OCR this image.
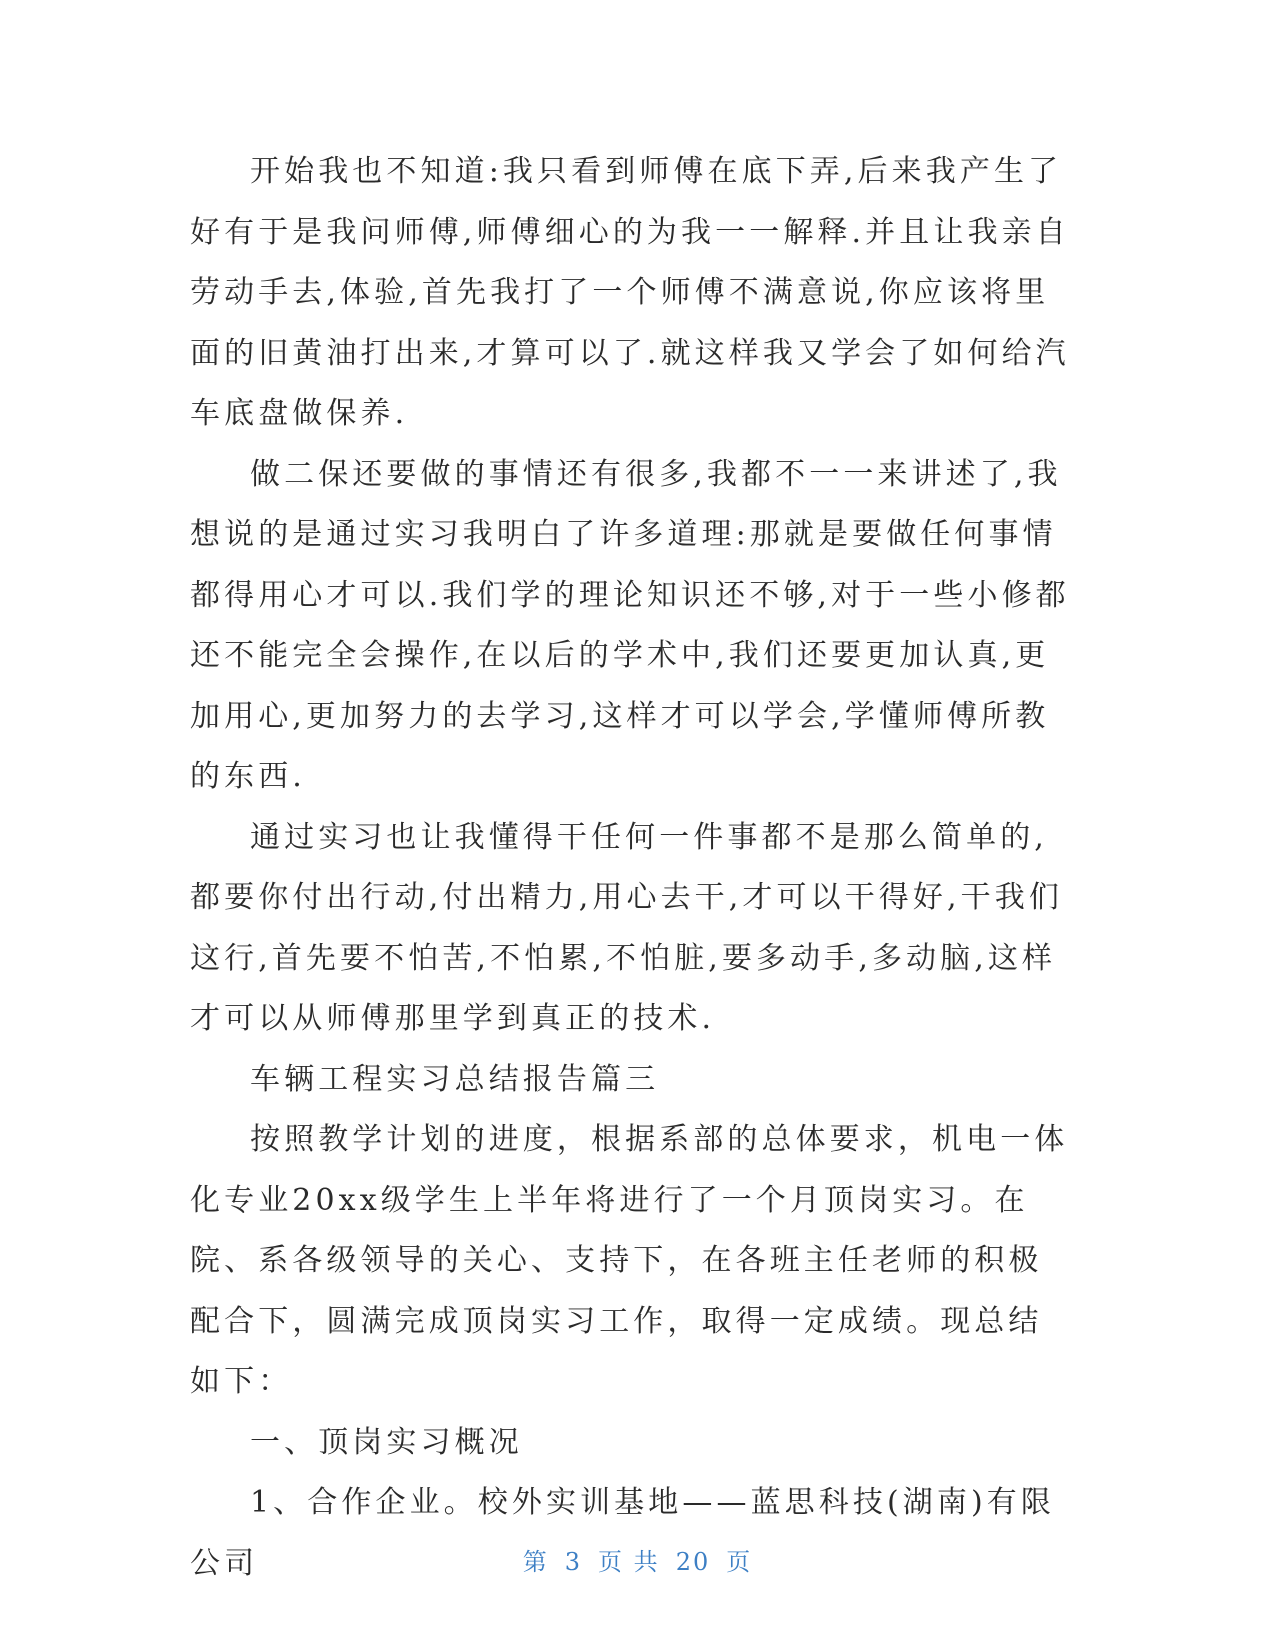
开始我也不知道:我只看到师傅在底下弄,后来我产生了好有于是我问师傅,师傅细心的为我一一解释.并且让我亲自劳动手去,体验,首先我打了一个师傅不满意说,你应该将里面的旧黄油打出来,才算可以了.就这样我又学会了如何给汽车底盘做保养.

做二保还要做的事情还有很多,我都不一一来讲述了,我想说的是通过实习我明白了许多道理:那就是要做任何事情都得用心才可以.我们学的理论知识还不够,对于一些小修都还不能完全会操作,在以后的学术中,我们还要更加认真,更加用心,更加努力的去学习,这样才可以学会,学懂师傅所教的东西.

通过实习也让我懂得干任何一件事都不是那么简单的,都要你付出行动,付出精力,用心去干,才可以干得好,干我们这行,首先要不怕苦,不怕累,不怕脏,要多动手,多动脑,这样才可以从师傅那里学到真正的技术.

车辆工程实习总结报告篇三

按照教学计划的进度，根据系部的总体要求，机电一体化专业20xx级学生上半年将进行了一个月顶岗实习。在院、系各级领导的关心、支持下，在各班主任老师的积极配合下，圆满完成顶岗实习工作，取得一定成绩。现总结如下：

一、顶岗实习概况

1、合作企业。校外实训基地——蓝思科技(湖南)有限公司	第 3 页 共 20 页
